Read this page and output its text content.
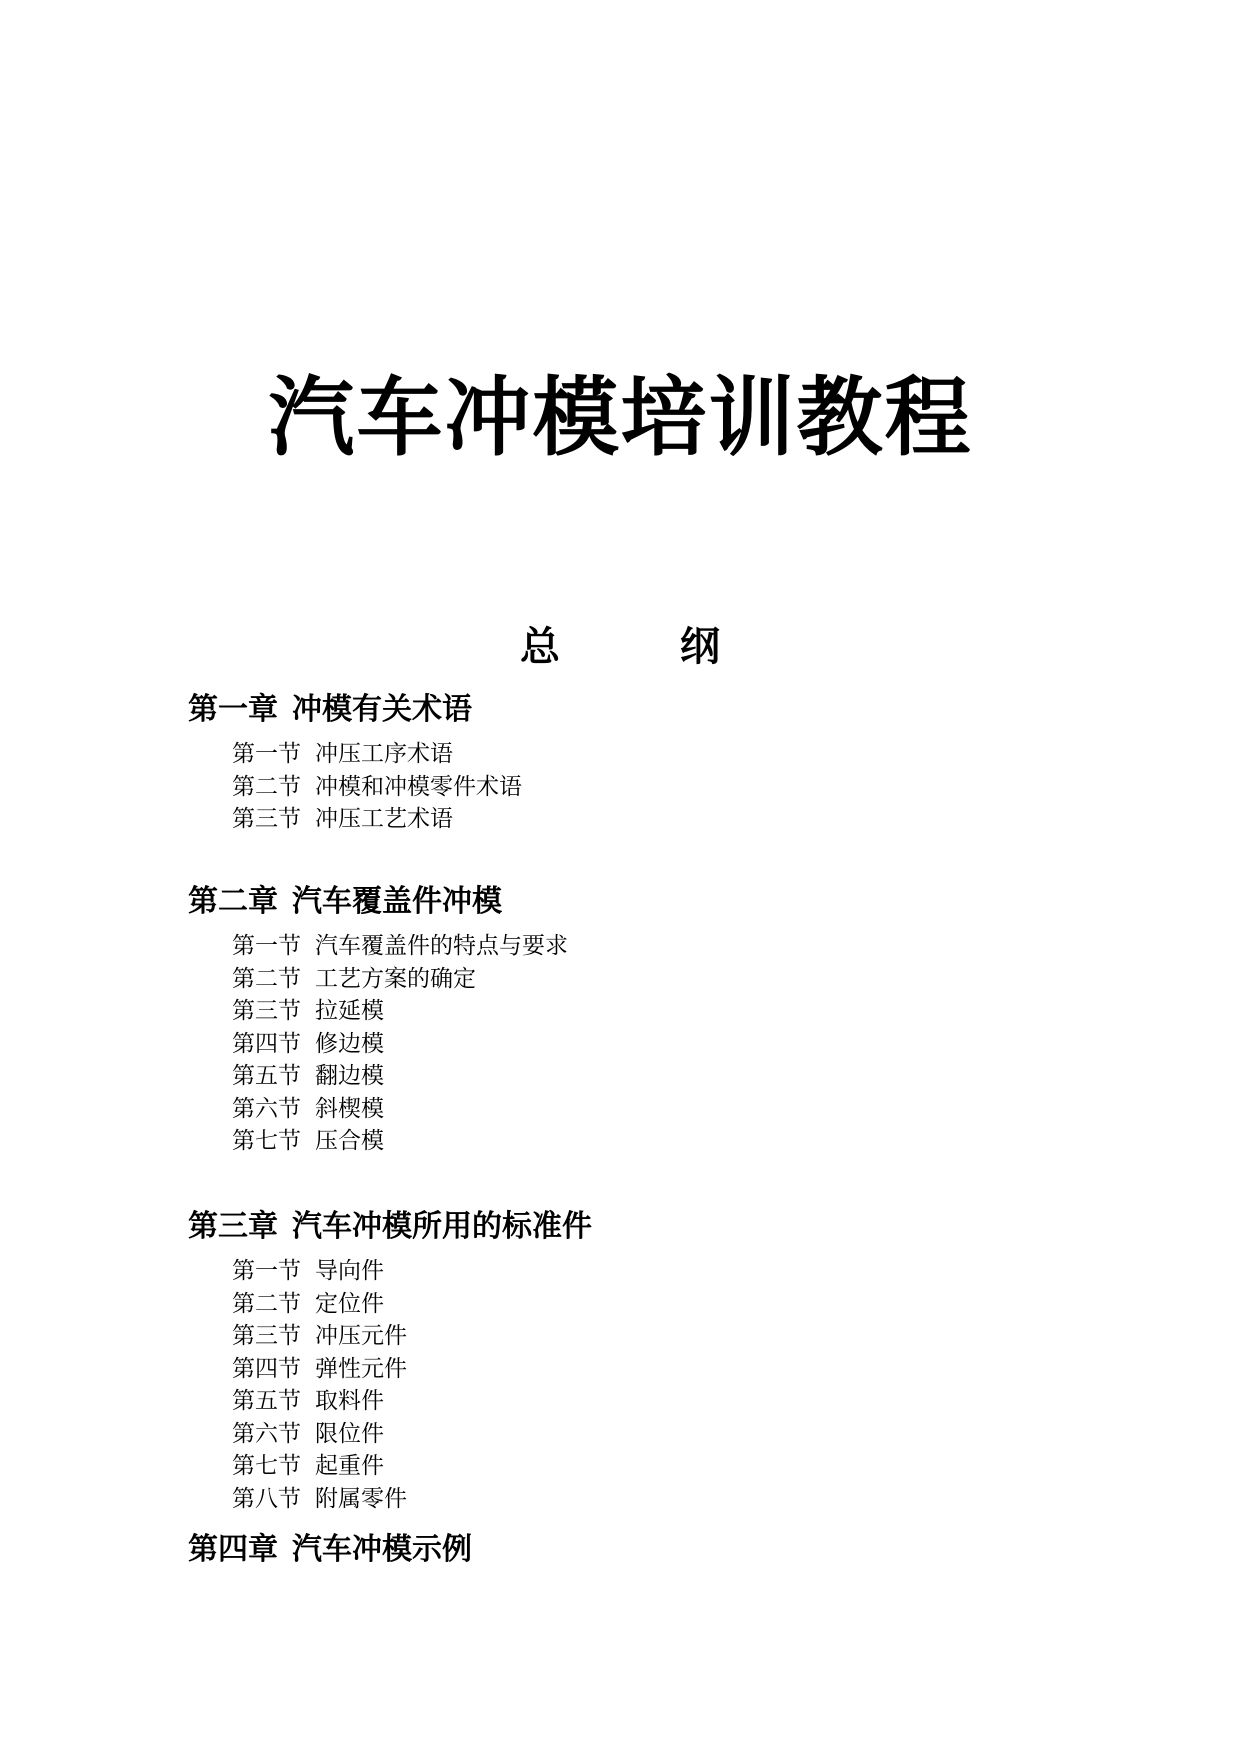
汽车冲模培训教程
总	纲
第一章 冲模有关术语
第一节 冲压工序术语
第二节 冲模和冲模零件术语
第三节 冲压工艺术语
第二章 汽车覆盖件冲模
第一节 汽车覆盖件的特点与要求
第二节 工艺方案的确定
第三节 拉延模
第四节 修边模
第五节 翻边模
第六节 斜楔模
第七节 压合模
第三章 汽车冲模所用的标准件
第一节 导向件
第二节 定位件
第三节 冲压元件
第四节 弹性元件
第五节 取料件
第六节 限位件
第七节 起重件
第八节 附属零件
第四章 汽车冲模示例
